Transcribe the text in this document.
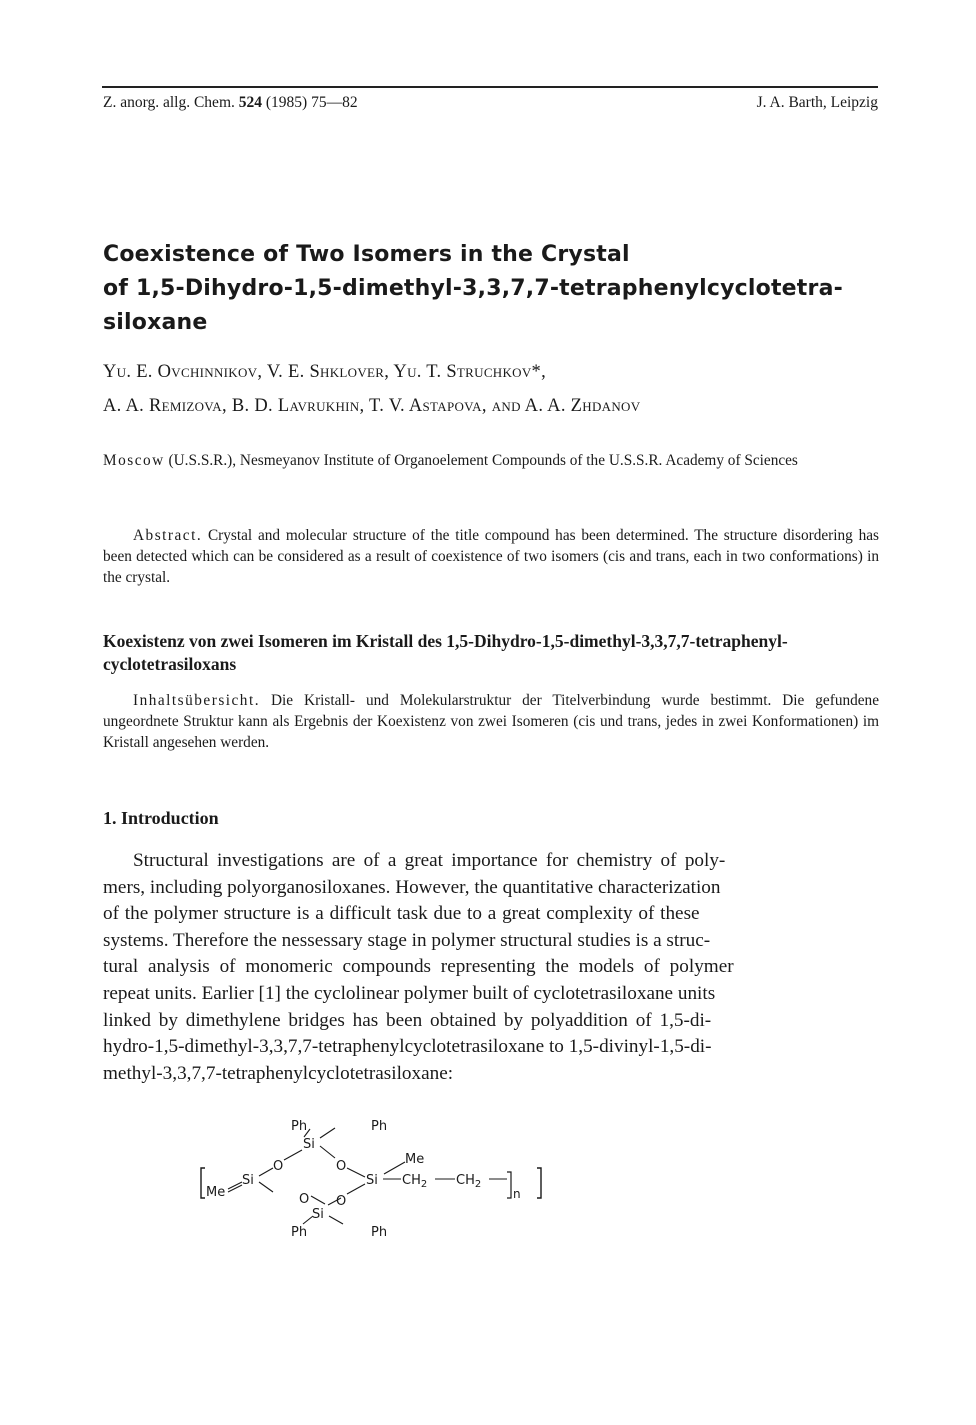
Z. anorg. allg. Chem. 524 (1985) 75—82	J. A. Barth, Leipzig
Coexistence of Two Isomers in the Crystal
of 1,5-Dihydro-1,5-dimethyl-3,3,7,7-tetraphenylcyclotetra-
siloxane
Yu. E. Ovchinnikov, V. E. Shklover, Yu. T. Struchkov*,
A. A. Remizova, B. D. Lavrukhin, T. V. Astapova, and A. A. Zhdanov
Moscow (U.S.S.R.), Nesmeyanov Institute of Organoelement Compounds of the U.S.S.R. Academy of Sciences
Abstract. Crystal and molecular structure of the title compound has been determined. The structure disordering has been detected which can be considered as a result of coexistence of two isomers (cis and trans, each in two conformations) in the crystal.
Koexistenz von zwei Isomeren im Kristall des 1,5-Dihydro-1,5-dimethyl-3,3,7,7-tetraphenyl-cyclotetrasiloxans
Inhaltsübersicht. Die Kristall- und Molekularstruktur der Titelverbindung wurde bestimmt. Die gefundene ungeordnete Struktur kann als Ergebnis der Koexistenz von zwei Isomeren (cis und trans, jedes in zwei Konformationen) im Kristall angesehen werden.
1. Introduction
Structural investigations are of a great importance for chemistry of poly-
mers, including polyorganosiloxanes. However, the quantitative characterization
of the polymer structure is a difficult task due to a great complexity of these
systems. Therefore the nessessary stage in polymer structural studies is a struc-
tural analysis of monomeric compounds representing the models of polymer
repeat units. Earlier [1] the cyclolinear polymer built of cyclotetrasiloxane units
linked by dimethylene bridges has been obtained by polyaddition of 1,5-di-
hydro-1,5-dimethyl-3,3,7,7-tetraphenylcyclotetrasiloxane to 1,5-divinyl-1,5-di-
methyl-3,3,7,7-tetraphenylcyclotetrasiloxane:
Me
Si
O
O
Si
Ph	Ph
O
Si
O
Me
$CH_2$ $CH_2$
n
Si
Ph	Ph
